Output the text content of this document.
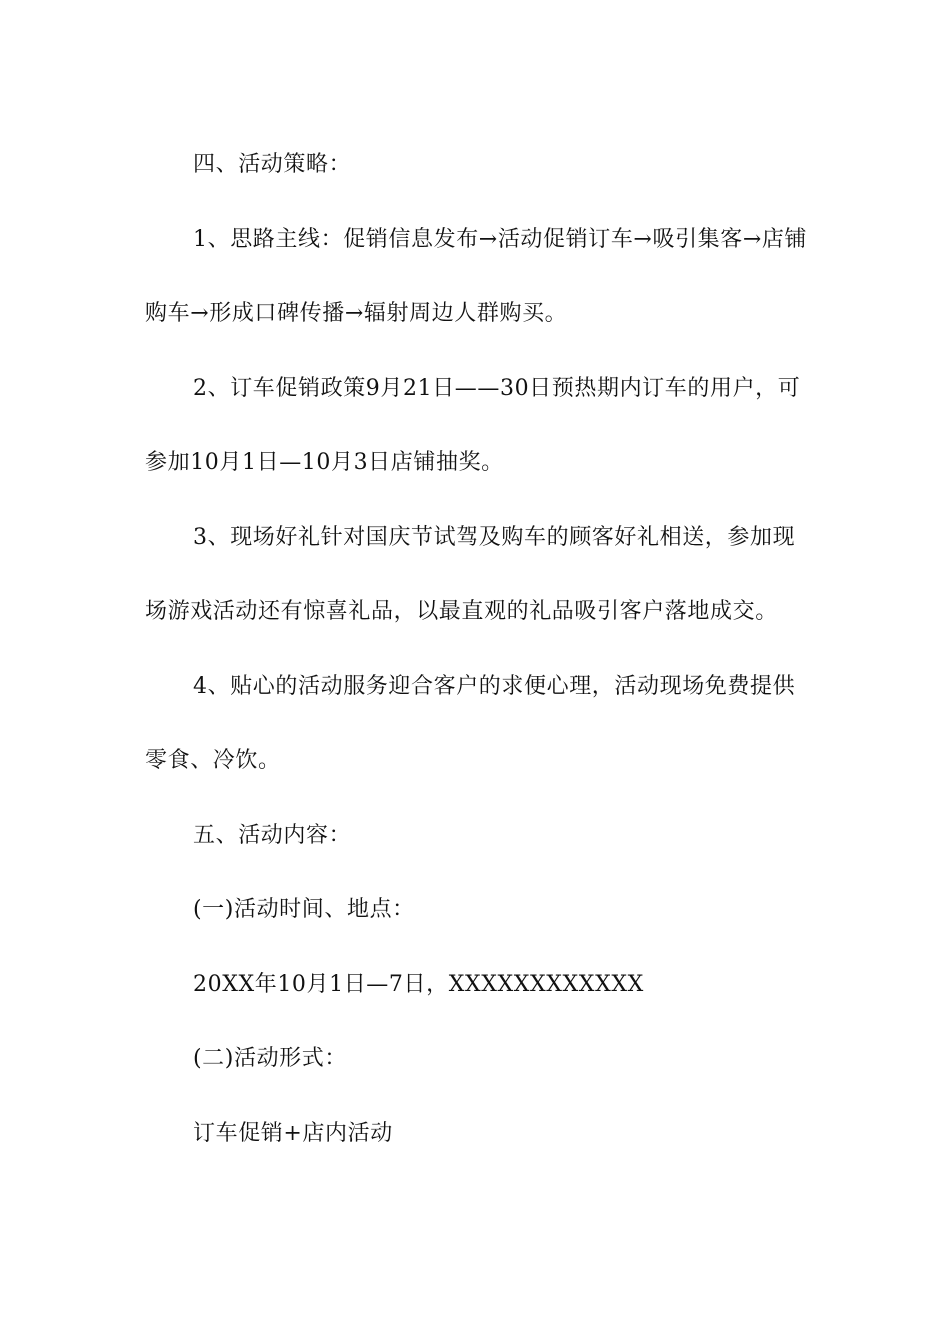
四、活动策略：

1、思路主线：促销信息发布→活动促销订车→吸引集客→店铺购车→形成口碑传播→辐射周边人群购买。

2、订车促销政策9月21日——30日预热期内订车的用户，可参加10月1日—10月3日店铺抽奖。

3、现场好礼针对国庆节试驾及购车的顾客好礼相送，参加现场游戏活动还有惊喜礼品，以最直观的礼品吸引客户落地成交。

4、贴心的活动服务迎合客户的求便心理，活动现场免费提供零食、冷饮。

五、活动内容：

(一)活动时间、地点：

20XX年10月1日—7日，XXXXXXXXXXXX

(二)活动形式：

订车促销+店内活动
